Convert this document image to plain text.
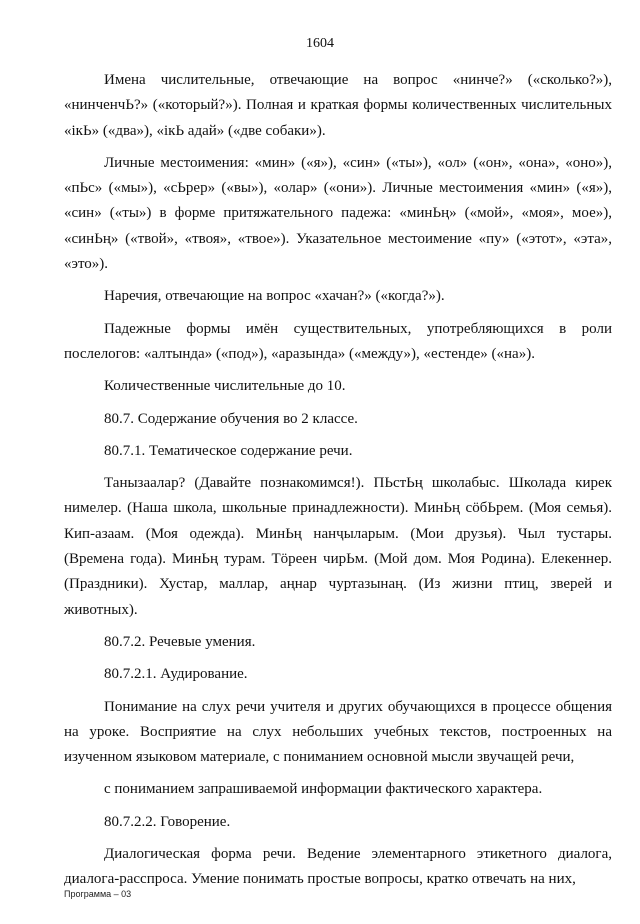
1604

Имена числительные, отвечающие на вопрос «нинче?» («сколько?»), «нинченчЬ?» («который?»). Полная и краткая формы количественных числительных «ікЬ» («два»), «ікЬ адай» («две собаки»).

Личные местоимения: «мин» («я»), «син» («ты»), «ол» («он», «она», «оно»), «пЬс» («мы»), «сЬрер» («вы»), «олар» («они»). Личные местоимения «мин» («я»), «син» («ты») в форме притяжательного падежа: «минЬң» («мой», «моя», мое»), «синЬң» («твой», «твоя», «твое»). Указательное местоимение «пу» («этот», «эта», «это»).

Наречия, отвечающие на вопрос «хачан?» («когда?»).

Падежные формы имён существительных, употребляющихся в роли послелогов: «алтында» («под»), «аразында» («между»), «естенде» («на»).

Количественные числительные до 10.

80.7. Содержание обучения во 2 классе.

80.7.1. Тематическое содержание речи.

Танызаалар? (Давайте познакомимся!). ПЬстЬң школабыс. Школада кирек нимелер. (Наша школа, школьные принадлежности). МинЬң сӧбЬрем. (Моя семья). Кип-азаам. (Моя одежда). МинЬң нанҷыларым. (Мои друзья). Чыл тустары. (Времена года). МинЬң турам. Тӧреен чирЬм. (Мой дом. Моя Родина). Елекеннер. (Праздники). Хустар, маллар, аңнар чуртазынаң. (Из жизни птиц, зверей и животных).

80.7.2. Речевые умения.

80.7.2.1. Аудирование.

Понимание на слух речи учителя и других обучающихся в процессе общения на уроке. Восприятие на слух небольших учебных текстов, построенных на изученном языковом материале, с пониманием основной мысли звучащей речи,

с пониманием запрашиваемой информации фактического характера.

80.7.2.2. Говорение.

Диалогическая форма речи. Ведение элементарного этикетного диалога, диалога-расспроса. Умение понимать простые вопросы, кратко отвечать на них,

Программа – 03
